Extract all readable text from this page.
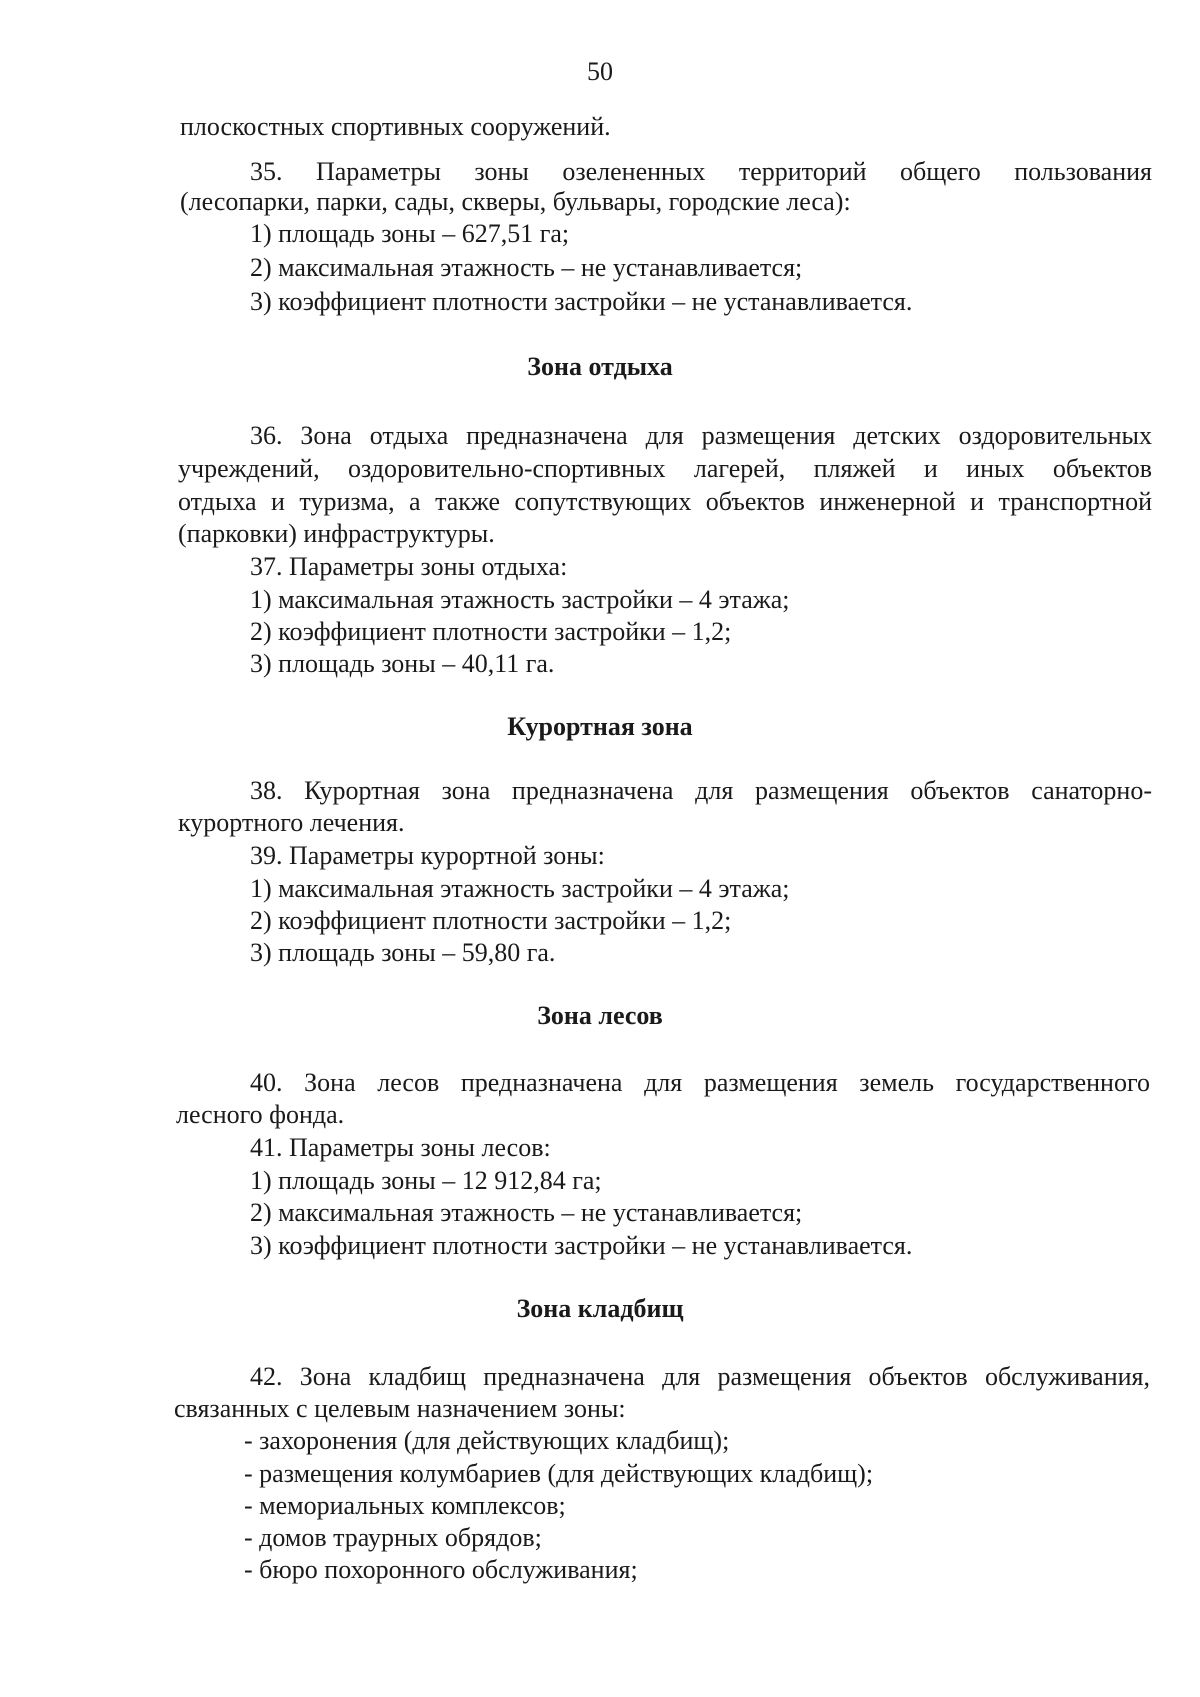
50
плоскостных спортивных сооружений.
35. Параметры зоны озелененных территорий общего пользования
(лесопарки, парки, сады, скверы, бульвары, городские леса):
1) площадь зоны – 627,51 га;
2) максимальная этажность – не устанавливается;
3) коэффициент плотности застройки – не устанавливается.
Зона отдыха
36. Зона отдыха предназначена для размещения детских оздоровительных
учреждений, оздоровительно-спортивных лагерей, пляжей и иных объектов
отдыха и туризма, а также сопутствующих объектов инженерной и транспортной
(парковки) инфраструктуры.
37. Параметры зоны отдыха:
1) максимальная этажность застройки – 4 этажа;
2) коэффициент плотности застройки – 1,2;
3) площадь зоны – 40,11 га.
Курортная зона
38. Курортная зона предназначена для размещения объектов санаторно-
курортного лечения.
39. Параметры курортной зоны:
1) максимальная этажность застройки – 4 этажа;
2) коэффициент плотности застройки – 1,2;
3) площадь зоны – 59,80 га.
Зона лесов
40. Зона лесов предназначена для размещения земель государственного
лесного фонда.
41. Параметры зоны лесов:
1) площадь зоны – 12 912,84 га;
2) максимальная этажность – не устанавливается;
3) коэффициент плотности застройки – не устанавливается.
Зона кладбищ
42. Зона кладбищ предназначена для размещения объектов обслуживания,
связанных с целевым назначением зоны:
- захоронения (для действующих кладбищ);
- размещения колумбариев (для действующих кладбищ);
- мемориальных комплексов;
- домов траурных обрядов;
- бюро похоронного обслуживания;
